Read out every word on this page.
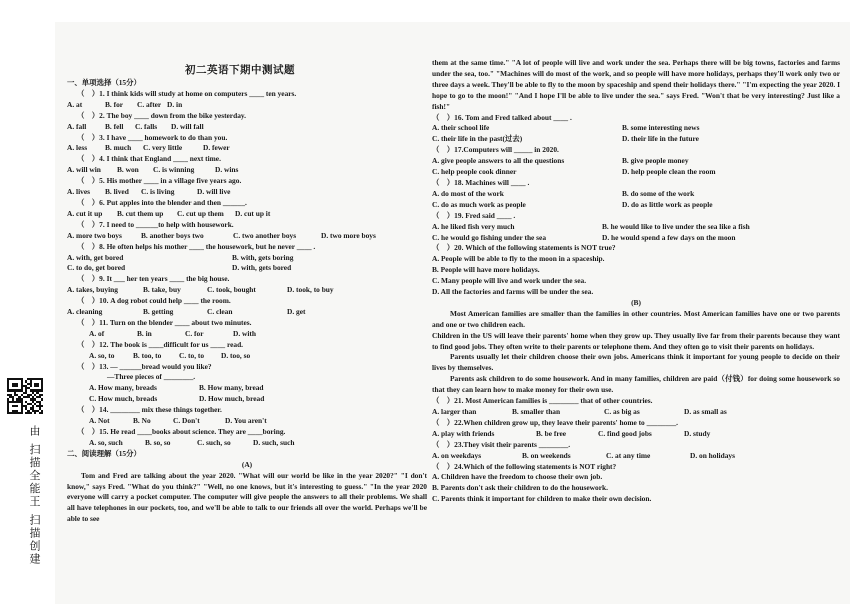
由 扫描全能王 扫描创建
初二英语下期中测试题
一、单项选择（15分）
（　）1. I think kids will study at home on computers ____ ten years.
A. at	B. for	C. after D. in
（　）2. The boy ____ down from the bike yesterday.
A. fall	B. fell	C. falls	D. will fall
（　）3. I have ____ homework to do than you.
A. less	B. much	C. very little	D. fewer
（　）4. I think that England ____ next time.
A. will win	B. won	C. is winning	D. wins
（　）5. His mother ____ in a village five years ago.
A. lives	B. lived	C. is living	D. will live
（　）6. Put apples into the blender and then ______.
A. cut it up	B. cut them up	C. cut up them	D. cut up it
（　）7. I need to ______to help with housework.
A. more two boys	B. another boys two	C. two another boys	D. two more boys
（　）8. He often helps his mother ____ the housework, but he never ____ .
A. with, get bored	B. with, gets boring
C. to do, get bored	D. with, gets bored
（　）9. It ___ her ten years ____ the big house.
A. takes, buying	B. take, buy	C. took, bought	D. took, to buy
（　）10. A dog robot could help ____ the room.
A. cleaning	B. getting	C. clean	D. get
（　）11. Turn on the blender ____ about two minutes.
A. of	B. in	C. for	D. with
（　）12. The book is ____difficult for us ____ read.
A. so, to	B. too, to	C. to, to	D. too, so
（　）13. — ______bread would you like?
—Three pieces of ________.
A. How many, breads	B. How many, bread
C. How much, breads	D. How much, bread
（　）14. ________ mix these things together.
A. Not	B. No	C. Don't	D. You aren't
（　）15. He read ____books about science. They are ____boring.
A. so, such	B. so, so	C. such, so	D. such, such
二、阅读理解（15分）
(A)
Tom and Fred are talking about the year 2020. "What will our world be like in the year 2020?" "I don't know," says Fred. "What do you think?" "Well, no one knows, but it's interesting to guess." "In the year 2020 everyone will carry a pocket computer. The computer will give people the answers to all their problems. We shall all have telephones in our pockets, too, and we'll be able to talk to our friends all over the world. Perhaps we'll be able to see
them at the same time." "A lot of people will live and work under the sea. Perhaps there will be big towns, factories and farms under the sea, too." "Machines will do most of the work, and so people will have more holidays, perhaps they'll work only two or three days a week. They'll be able to fly to the moon by spaceship and spend their holidays there." "I'm expecting the year 2020. I hope to go to the moon!" "And I hope I'll be able to live under the sea." says Fred. "Won't that be very interesting? Just like a fish!"
（　）16. Tom and Fred talked about ____ .
A. their school life	B. some interesting news
C. their life in the past(过去)	D. their life in the future
（　）17.Computers will _____ in 2020.
A. give people answers to all the questions	B. give people money
C. help people cook dinner	D. help people clean the room
（　）18. Machines will ____ .
A. do most of the work	B. do some of the work
C. do as much work as people	D. do as little work as people
（　）19. Fred said ____ .
A. he liked fish very much	B. he would like to live under the sea like a fish
C. he would go fishing under the sea	D. he would spend a few days on the moon
（　）20. Which of the following statements is NOT true?
A. People will be able to fly to the moon in a spaceship.
B. People will have more holidays.
C. Many people will live and work under the sea.
D. All the factories and farms will be under the sea.
(B)
Most American families are smaller than the families in other countries. Most American families have one or two parents and one or two children each.
Children in the US will leave their parents' home when they grow up. They usually live far from their parents because they want to find good jobs. They often write to their parents or telephone them. And they often go to visit their parents on holidays.
Parents usually let their children choose their own jobs. Americans think it important for young people to decide on their lives by themselves.
Parents ask children to do some housework. And in many families, children are paid（付钱）for doing some housework so that they can learn how to make money for their own use.
（　）21. Most American families is ________ that of other countries.
A. larger than	B. smaller than	C. as big as	D. as small as
（　）22.When children grow up, they leave their parents' home to ________.
A. play with friends	B. be free	C. find good jobs	D. study
（　）23.They visit their parents ________.
A. on weekdays	B. on weekends	C. at any time	D. on holidays
（　）24.Which of the following statements is NOT right?
A. Children have the freedom to choose their own job.
B. Parents don't ask their children to do the housework.
C. Parents think it important for children to make their own decision.
